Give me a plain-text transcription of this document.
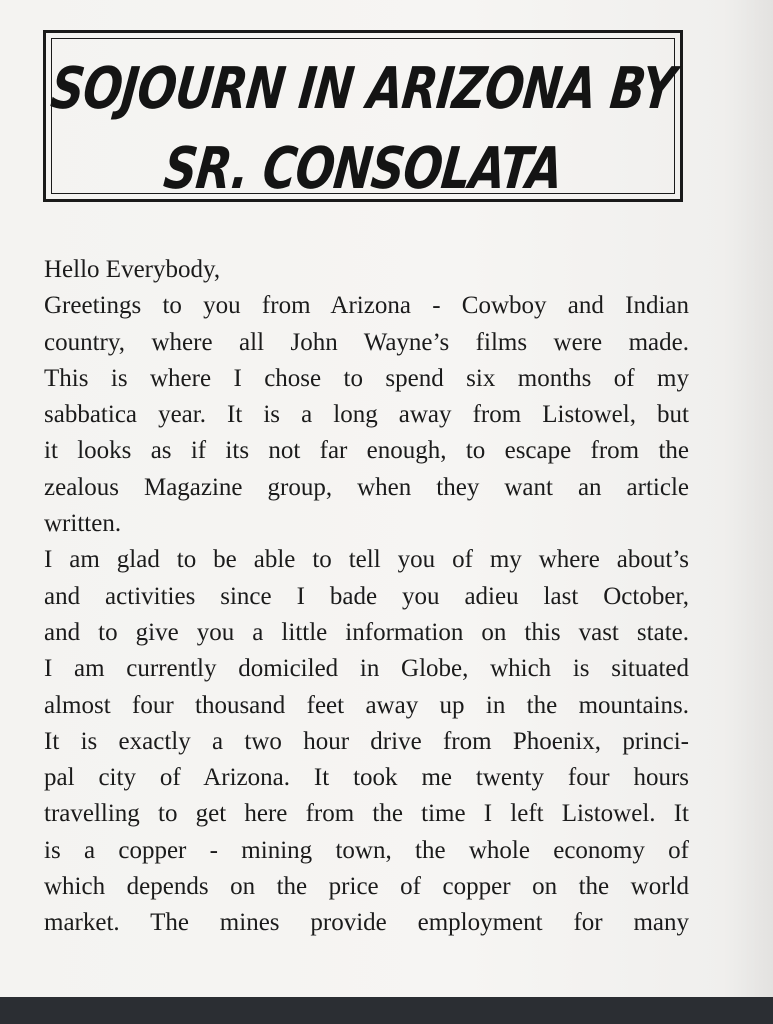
SOJOURN IN ARIZONA BY
SR. CONSOLATA
Hello Everybody,
Greetings to you from Arizona - Cowboy and Indian
country, where all John Wayne’s films were made.
This is where I chose to spend six months of my
sabbatica year. It is a long away from Listowel, but
it looks as if its not far enough, to escape from the
zealous Magazine group, when they want an article
written.
I am glad to be able to tell you of my where about’s
and activities since I bade you adieu last October,
and to give you a little information on this vast state.
I am currently domiciled in Globe, which is situated
almost four thousand feet away up in the mountains.
It is exactly a two hour drive from Phoenix, princi-
pal city of Arizona. It took me twenty four hours
travelling to get here from the time I left Listowel. It
is a copper - mining town, the whole economy of
which depends on the price of copper on the world
market. The mines provide employment for many
